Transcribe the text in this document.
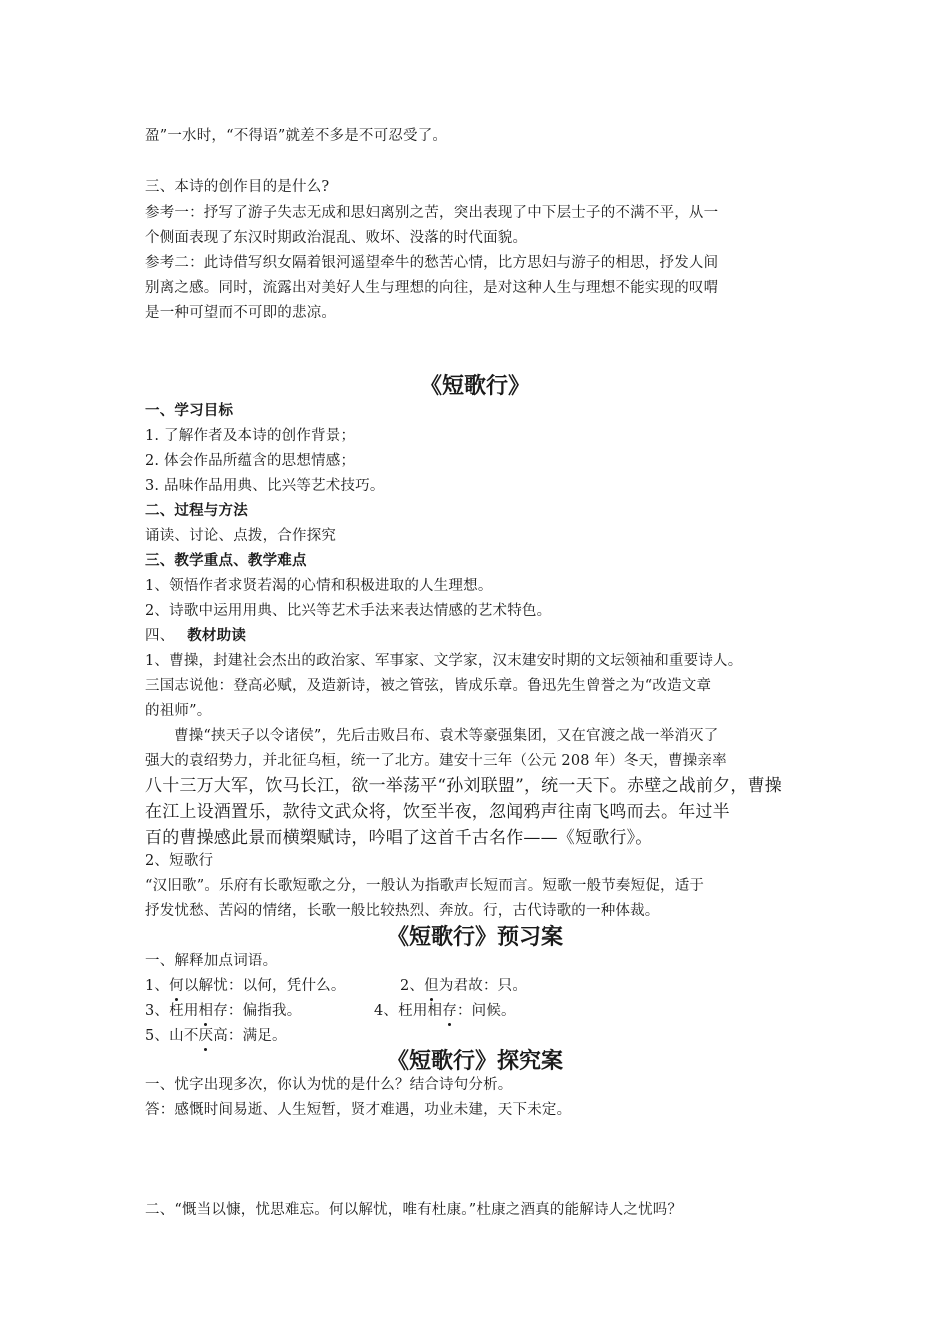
盈”一水时，“不得语”就差不多是不可忍受了。
三、本诗的创作目的是什么?
参考一：抒写了游子失志无成和思妇离别之苦，突出表现了中下层士子的不满不平，从一
个侧面表现了东汉时期政治混乱、败坏、没落的时代面貌。
参考二：此诗借写织女隔着银河遥望牵牛的愁苦心情，比方思妇与游子的相思，抒发人间
别离之感。同时，流露出对美好人生与理想的向往，是对这种人生与理想不能实现的叹喟
是一种可望而不可即的悲凉。
《短歌行》
一、学习目标
1. 了解作者及本诗的创作背景；
2. 体会作品所蕴含的思想情感；
3. 品味作品用典、比兴等艺术技巧。
二、过程与方法
诵读、讨论、点拨，合作探究
三、教学重点、教学难点
1、领悟作者求贤若渴的心情和积极进取的人生理想。
2、诗歌中运用用典、比兴等艺术手法来表达情感的艺术特色。
四、 教材助读
1、曹操，封建社会杰出的政治家、军事家、文学家，汉末建安时期的文坛领袖和重要诗人。
三国志说他：登高必赋，及造新诗，被之管弦，皆成乐章。鲁迅先生曾誉之为“改造文章
的祖师”。
曹操“挟天子以令诸侯”，先后击败吕布、袁术等豪强集团，又在官渡之战一举消灭了
强大的袁绍势力，并北征乌桓，统一了北方。建安十三年（公元 208 年）冬天，曹操亲率
八十三万大军，饮马长江，欲一举荡平“孙刘联盟”，统一天下。赤壁之战前夕，曹操
在江上设酒置乐，款待文武众将，饮至半夜，忽闻鸦声往南飞鸣而去。年过半
百的曹操感此景而横槊赋诗，吟唱了这首千古名作——《短歌行》。
2、短歌行
“汉旧歌”。乐府有长歌短歌之分，一般认为指歌声长短而言。短歌一般节奏短促，适于
抒发忧愁、苦闷的情绪，长歌一般比较热烈、奔放。行，古代诗歌的一种体裁。
《短歌行》预习案
一、解释加点词语。
1、何以解忧：以何，凭什么。	2、但为君故：只。
3、枉用相存：偏指我。	4、枉用相存：问候。
5、山不厌高：满足。
《短歌行》探究案
一、忧字出现多次，你认为忧的是什么？结合诗句分析。
答：感慨时间易逝、人生短暂，贤才难遇，功业未建，天下未定。
二、“慨当以慷，忧思难忘。何以解忧，唯有杜康。”杜康之酒真的能解诗人之忧吗？
